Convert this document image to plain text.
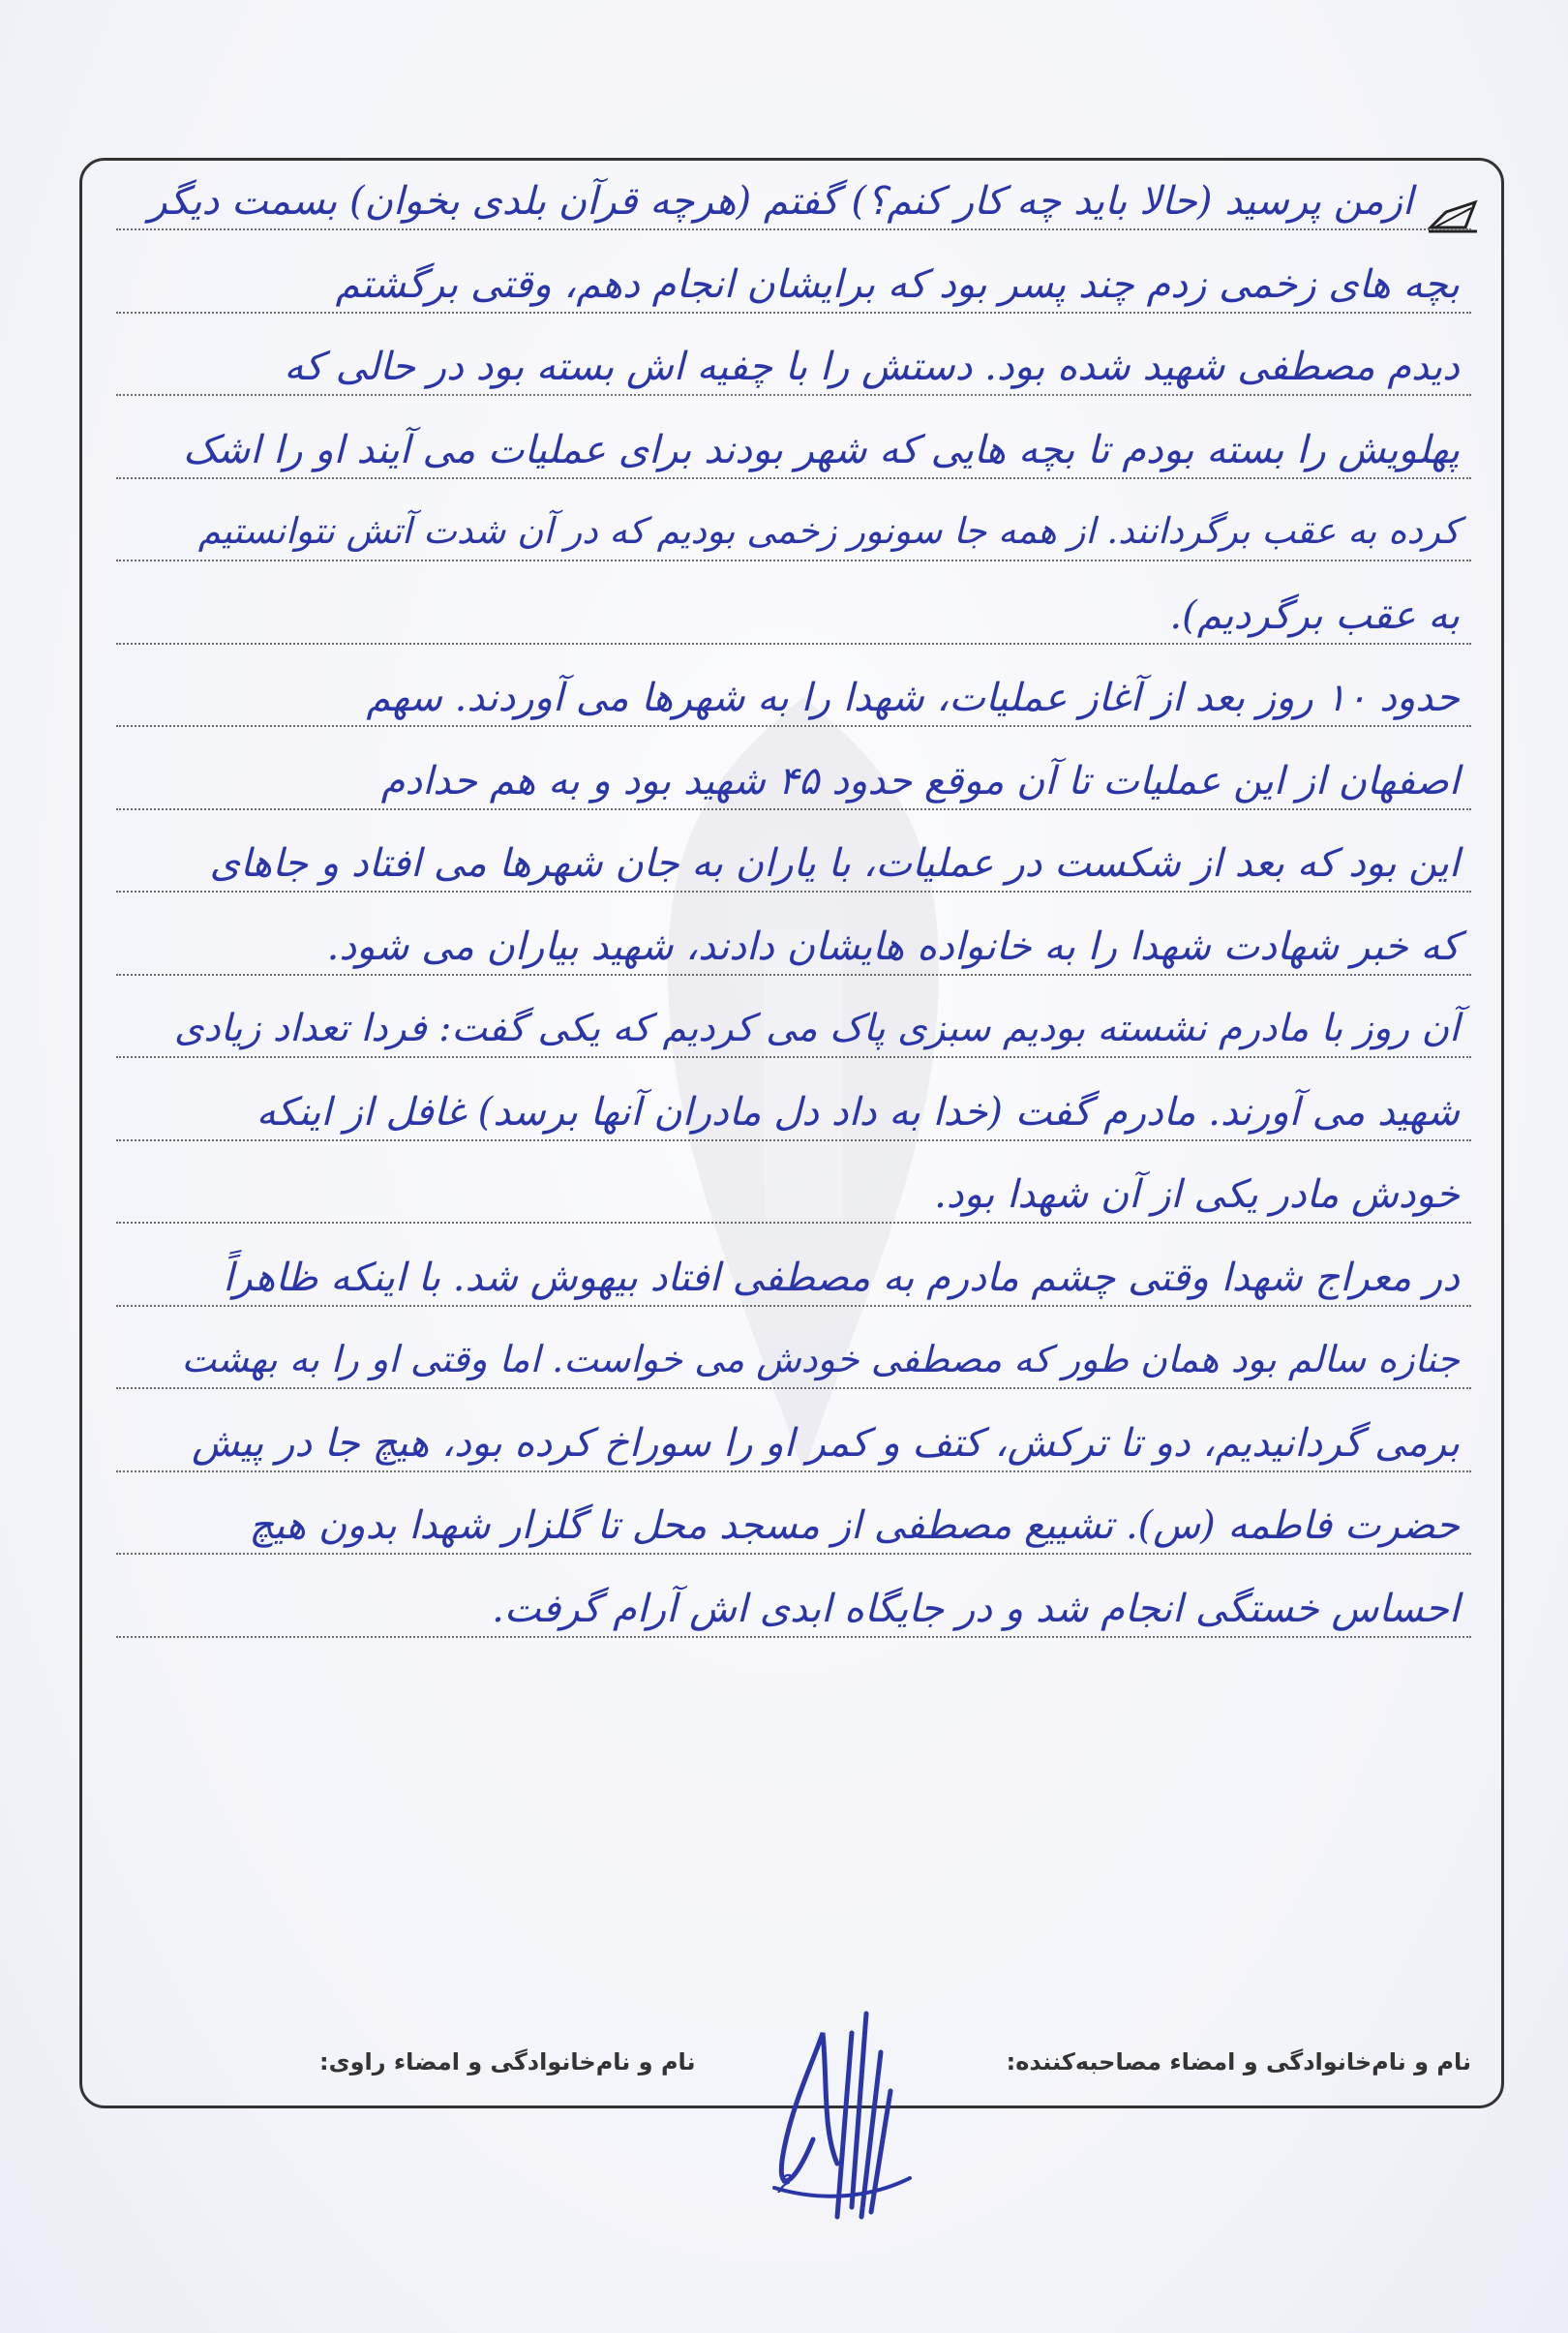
ازمن پرسید (حالا باید چه کار کنم؟) گفتم (هرچه قرآن بلدی بخوان) بسمت دیگر
بچه های زخمی زدم چند پسر بود که برایشان انجام دهم، وقتی برگشتم
دیدم مصطفی شهید شده بود. دستش را با چفیه اش بسته بود در حالی که
پهلویش را بسته بودم تا بچه هایی که شهر بودند برای عملیات می آیند او را اشک
کرده به عقب برگردانند. از همه جا سونور زخمی بودیم که در آن شدت آتش نتوانستیم
به عقب برگردیم).
حدود ۱۰ روز بعد از آغاز عملیات، شهدا را به شهرها می آوردند. سهم
اصفهان از این عملیات تا آن موقع حدود ۴۵ شهید بود و به هم حدادم
این بود که بعد از شکست در عملیات، با یاران به جان شهرها می افتاد و جاهای
که خبر شهادت شهدا را به خانواده هایشان دادند، شهید بیاران می شود.
آن روز با مادرم نشسته بودیم سبزی پاک می کردیم که یکی گفت: فردا تعداد زیادی
شهید می آورند. مادرم گفت (خدا به داد دل مادران آنها برسد) غافل از اینکه
خودش مادر یکی از آن شهدا بود.
در معراج شهدا وقتی چشم مادرم به مصطفی افتاد بیهوش شد. با اینکه ظاهراً
جنازه سالم بود همان طور که مصطفی خودش می خواست. اما وقتی او را به بهشت
برمی گردانیدیم، دو تا ترکش، کتف و کمر او را سوراخ کرده بود، هیچ جا در پیش
حضرت فاطمه (س). تشییع مصطفی از مسجد محل تا گلزار شهدا بدون هیچ
احساس خستگی انجام شد و در جایگاه ابدی اش آرام گرفت.
نام و نام‌خانوادگی و امضاء مصاحبه‌کننده:
نام و نام‌خانوادگی و امضاء راوی:
۶
